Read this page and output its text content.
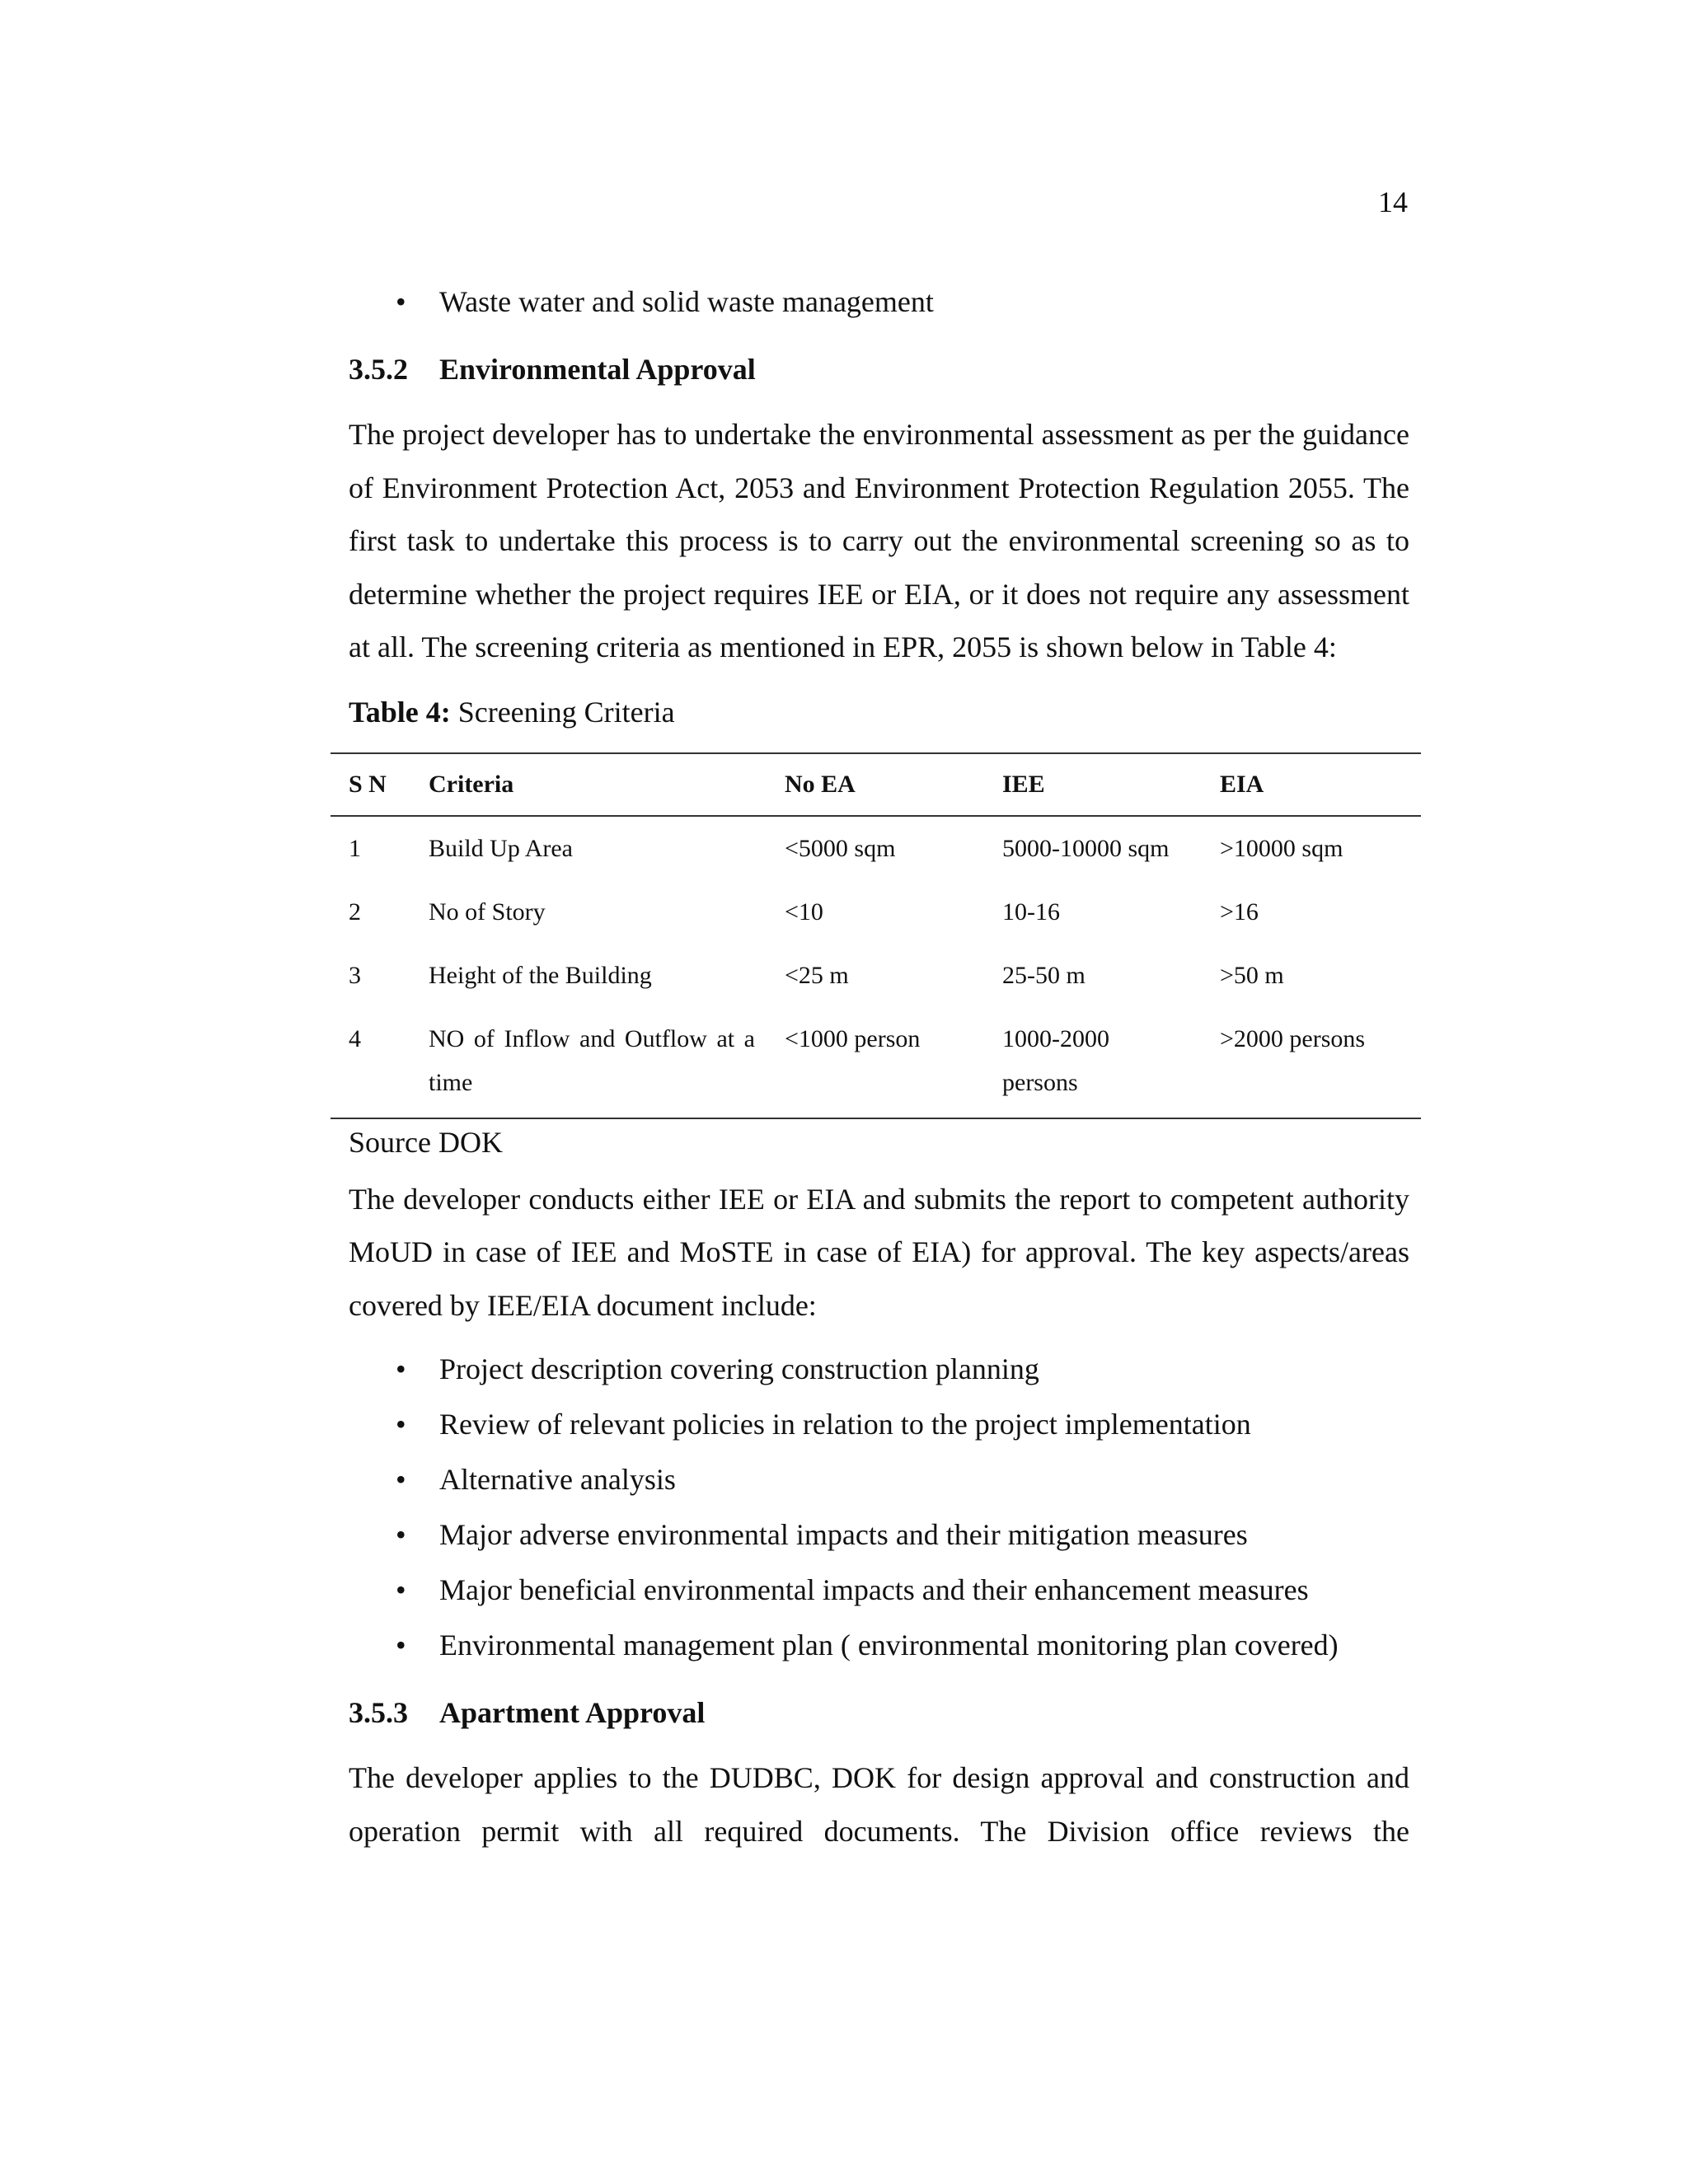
14
• Waste water and solid waste management
3.5.2 Environmental Approval

The project developer has to undertake the environmental assessment as per the guidance of Environment Protection Act, 2053 and Environment Protection Regulation 2055. The first task to undertake this process is to carry out the environmental screening so as to determine whether the project requires IEE or EIA, or it does not require any assessment at all. The screening criteria as mentioned in EPR, 2055 is shown below in Table 4:

Table 4: Screening Criteria
S N	Criteria	No EA	IEE	EIA
1	Build Up Area	<5000 sqm	5000-10000 sqm	>10000 sqm
2	No of Story	<10	10-16	>16
3	Height of the Building	<25 m	25-50 m	>50 m
4	NO of Inflow and Outflow at a time	<1000 person	1000-2000 persons	>2000 persons
Source DOK

The developer conducts either IEE or EIA and submits the report to competent authority MoUD in case of IEE and MoSTE in case of EIA) for approval. The key aspects/areas covered by IEE/EIA document include:

• Project description covering construction planning
• Review of relevant policies in relation to the project implementation
• Alternative analysis
• Major adverse environmental impacts and their mitigation measures
• Major beneficial environmental impacts and their enhancement measures
• Environmental management plan ( environmental monitoring plan covered)
3.5.3 Apartment Approval

The developer applies to the DUDBC, DOK for design approval and construction and operation permit with all required documents. The Division office reviews the
